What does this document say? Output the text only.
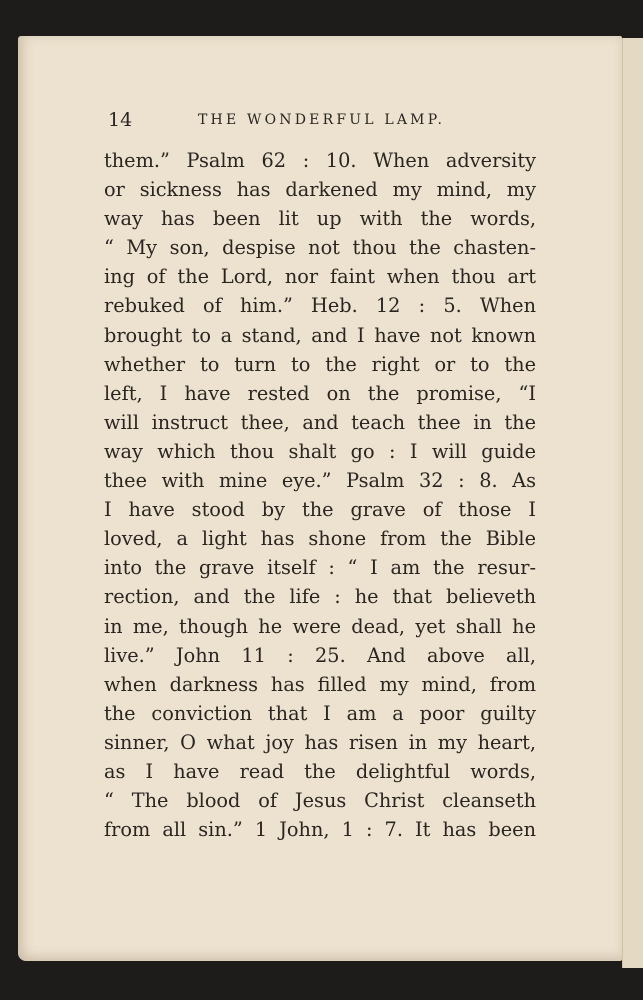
14	THE WONDERFUL LAMP.
them.” Psalm 62 : 10. When adversity
or sickness has darkened my mind, my
way has been lit up with the words,
“ My son, despise not thou the chasten-
ing of the Lord, nor faint when thou art
rebuked of him.” Heb. 12 : 5. When
brought to a stand, and I have not known
whether to turn to the right or to the
left, I have rested on the promise, “I
will instruct thee, and teach thee in the
way which thou shalt go : I will guide
thee with mine eye.” Psalm 32 : 8. As
I have stood by the grave of those I
loved, a light has shone from the Bible
into the grave itself : “ I am the resur-
rection, and the life : he that believeth
in me, though he were dead, yet shall he
live.” John 11 : 25. And above all,
when darkness has filled my mind, from
the conviction that I am a poor guilty
sinner, O what joy has risen in my heart,
as I have read the delightful words,
“ The blood of Jesus Christ cleanseth
from all sin.” 1 John, 1 : 7. It has been
